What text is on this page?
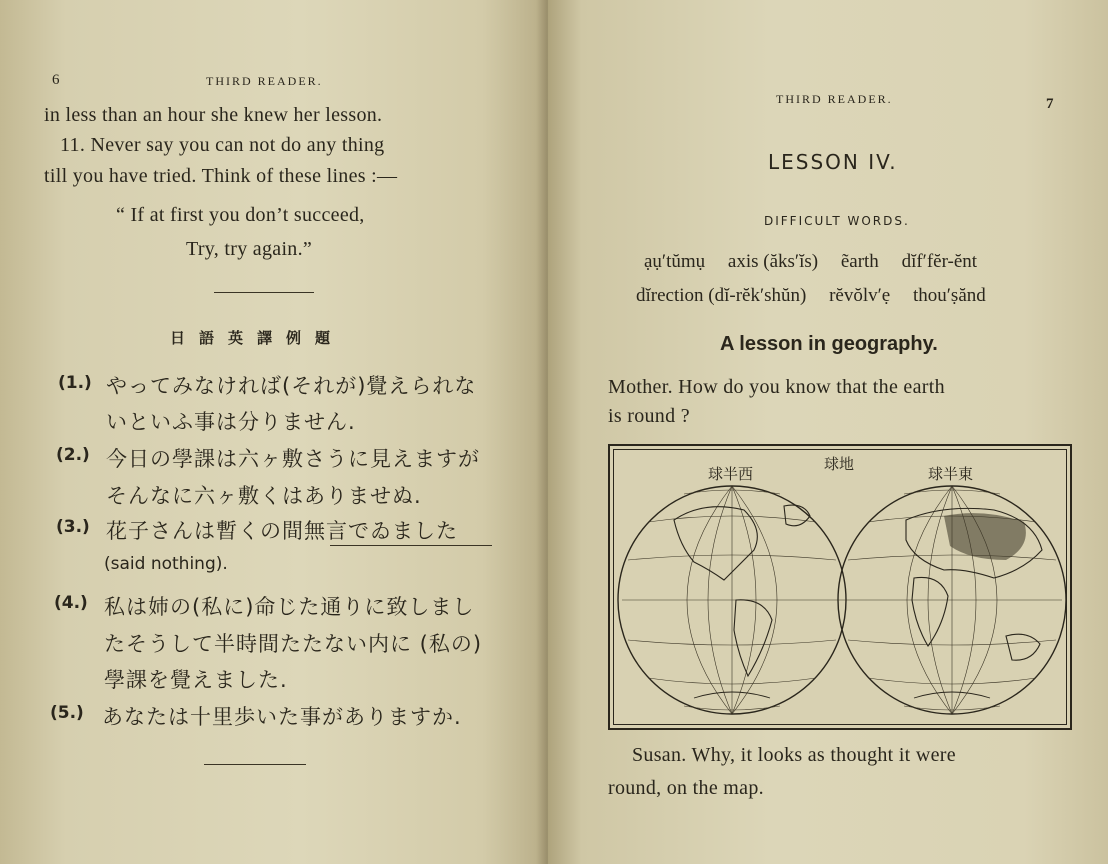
6	THIRD READER.
in less than an hour she knew her lesson.
11. Never say you can not do any thing
till you have tried. Think of these lines :—
“ If at first you don’t succeed,
Try, try again.”
日語英譯例題
(1.) やってみなければ(それが)覺えられな
いといふ事は分りません.
(2.) 今日の學課は六ヶ敷さうに見えますが
そんなに六ヶ敷くはありませぬ.
(3.) 花子さんは暫くの間無言でゐました
(said nothing).
(4.) 私は姉の(私に)命じた通りに致しまし
たそうして半時間たたない内に (私の)
學課を覺えました.
(5.) あなたは十里歩いた事がありますか.
THIRD READER.	7
LESSON IV.
DIFFICULT WORDS.
ạụ′tŭmụ axis (ăks′ĭs) ẽarth dĭf′fĕr-ĕnt
dĭrection (dĭ-rĕk′shŭn) rĕvŏlv′ẹ thou′ṣănd
A lesson in geography.
Mother. How do you know that the earth
is round ?
Susan. Why, it looks as thought it were
round, on the map.
球地
球半西	球半東
